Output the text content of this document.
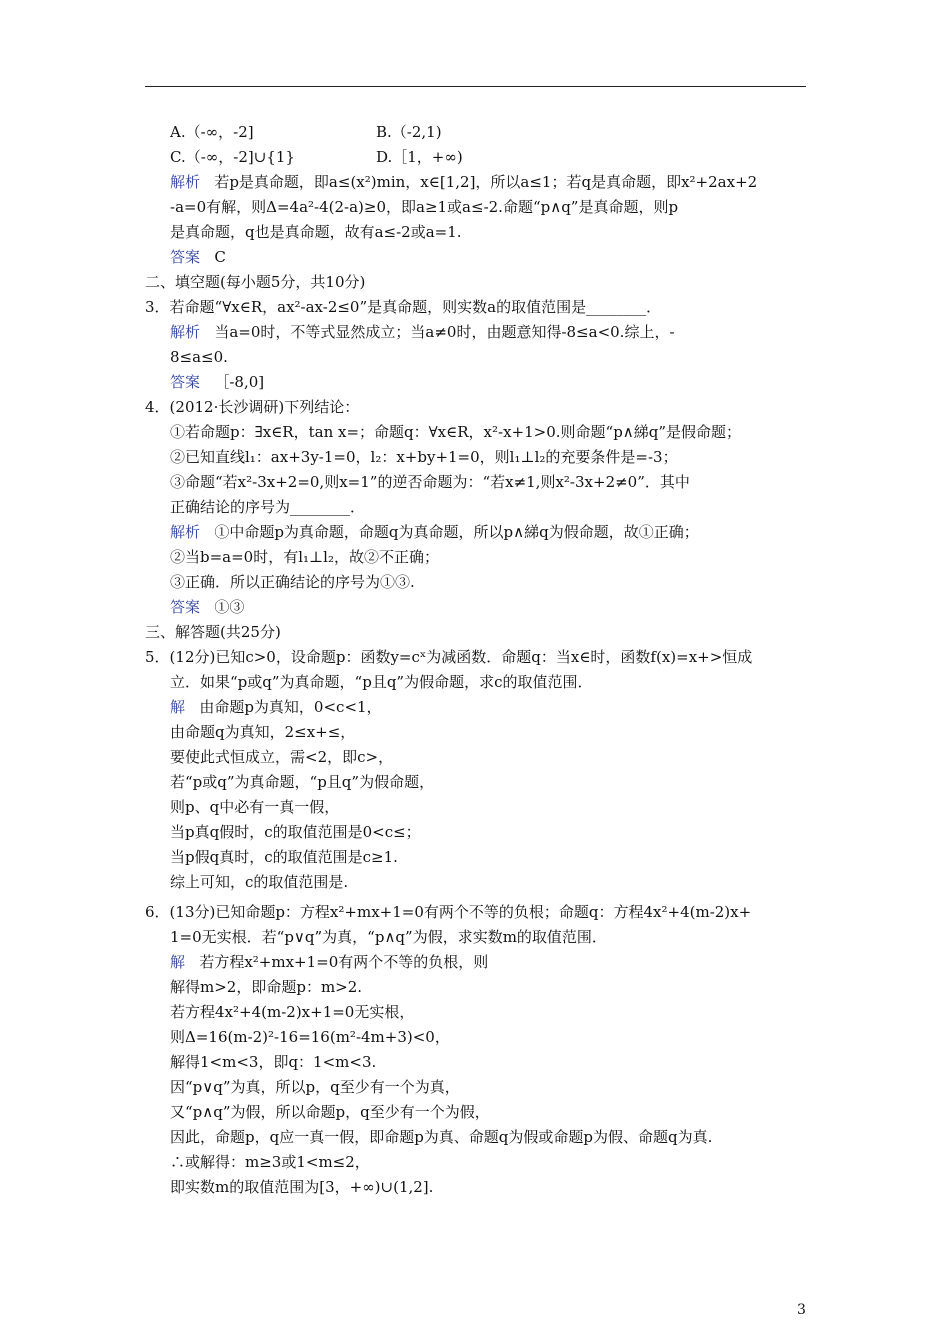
A.（-∞，-2]	B.（-2,1)
C.（-∞，-2]∪{1}	D.［1，+∞)
解析 若p是真命题，即a≤(x²)min，x∈[1,2]，所以a≤1；若q是真命题，即x²+2ax+2
-a=0有解，则Δ=4a²-4(2-a)≥0，即a≥1或a≤-2.命题“p∧q”是真命题，则p
是真命题，q也是真命题，故有a≤-2或a=1.
答案 C
二、填空题(每小题5分，共10分)
3．若命题“∀x∈R，ax²-ax-2≤0”是真命题，则实数a的取值范围是________．
解析 当a=0时，不等式显然成立；当a≠0时，由题意知得-8≤a<0.综上，-
8≤a≤0.
答案 ［-8,0]
4．(2012·长沙调研)下列结论：
①若命题p：∃x∈R，tan x=；命题q：∀x∈R，x²-x+1>0.则命题“p∧綈q”是假命题；
②已知直线l₁：ax+3y-1=0，l₂：x+by+1=0，则l₁⊥l₂的充要条件是=-3；
③命题“若x²-3x+2=0,则x=1”的逆否命题为：“若x≠1,则x²-3x+2≠0”．其中
正确结论的序号为________．
解析 ①中命题p为真命题，命题q为真命题，所以p∧綈q为假命题，故①正确；
②当b=a=0时，有l₁⊥l₂，故②不正确；
③正确．所以正确结论的序号为①③.
答案 ①③
三、解答题(共25分)
5．(12分)已知c>0，设命题p：函数y=cˣ为减函数．命题q：当x∈时，函数f(x)=x+>恒成
立．如果“p或q”为真命题，“p且q”为假命题，求c的取值范围．
解 由命题p为真知，0<c<1，
由命题q为真知，2≤x+≤，
要使此式恒成立，需<2，即c>，
若“p或q”为真命题，“p且q”为假命题，
则p、q中必有一真一假，
当p真q假时，c的取值范围是0<c≤；
当p假q真时，c的取值范围是c≥1.
综上可知，c的取值范围是.
6．(13分)已知命题p：方程x²+mx+1=0有两个不等的负根；命题q：方程4x²+4(m-2)x+
1=0无实根．若“p∨q”为真，“p∧q”为假，求实数m的取值范围．
解 若方程x²+mx+1=0有两个不等的负根，则
解得m>2，即命题p：m>2.
若方程4x²+4(m-2)x+1=0无实根，
则Δ=16(m-2)²-16=16(m²-4m+3)<0，
解得1<m<3，即q：1<m<3.
因“p∨q”为真，所以p，q至少有一个为真，
又“p∧q”为假，所以命题p，q至少有一个为假，
因此，命题p，q应一真一假，即命题p为真、命题q为假或命题p为假、命题q为真.
∴或解得：m≥3或1<m≤2，
即实数m的取值范围为[3，+∞)∪(1,2].
3
